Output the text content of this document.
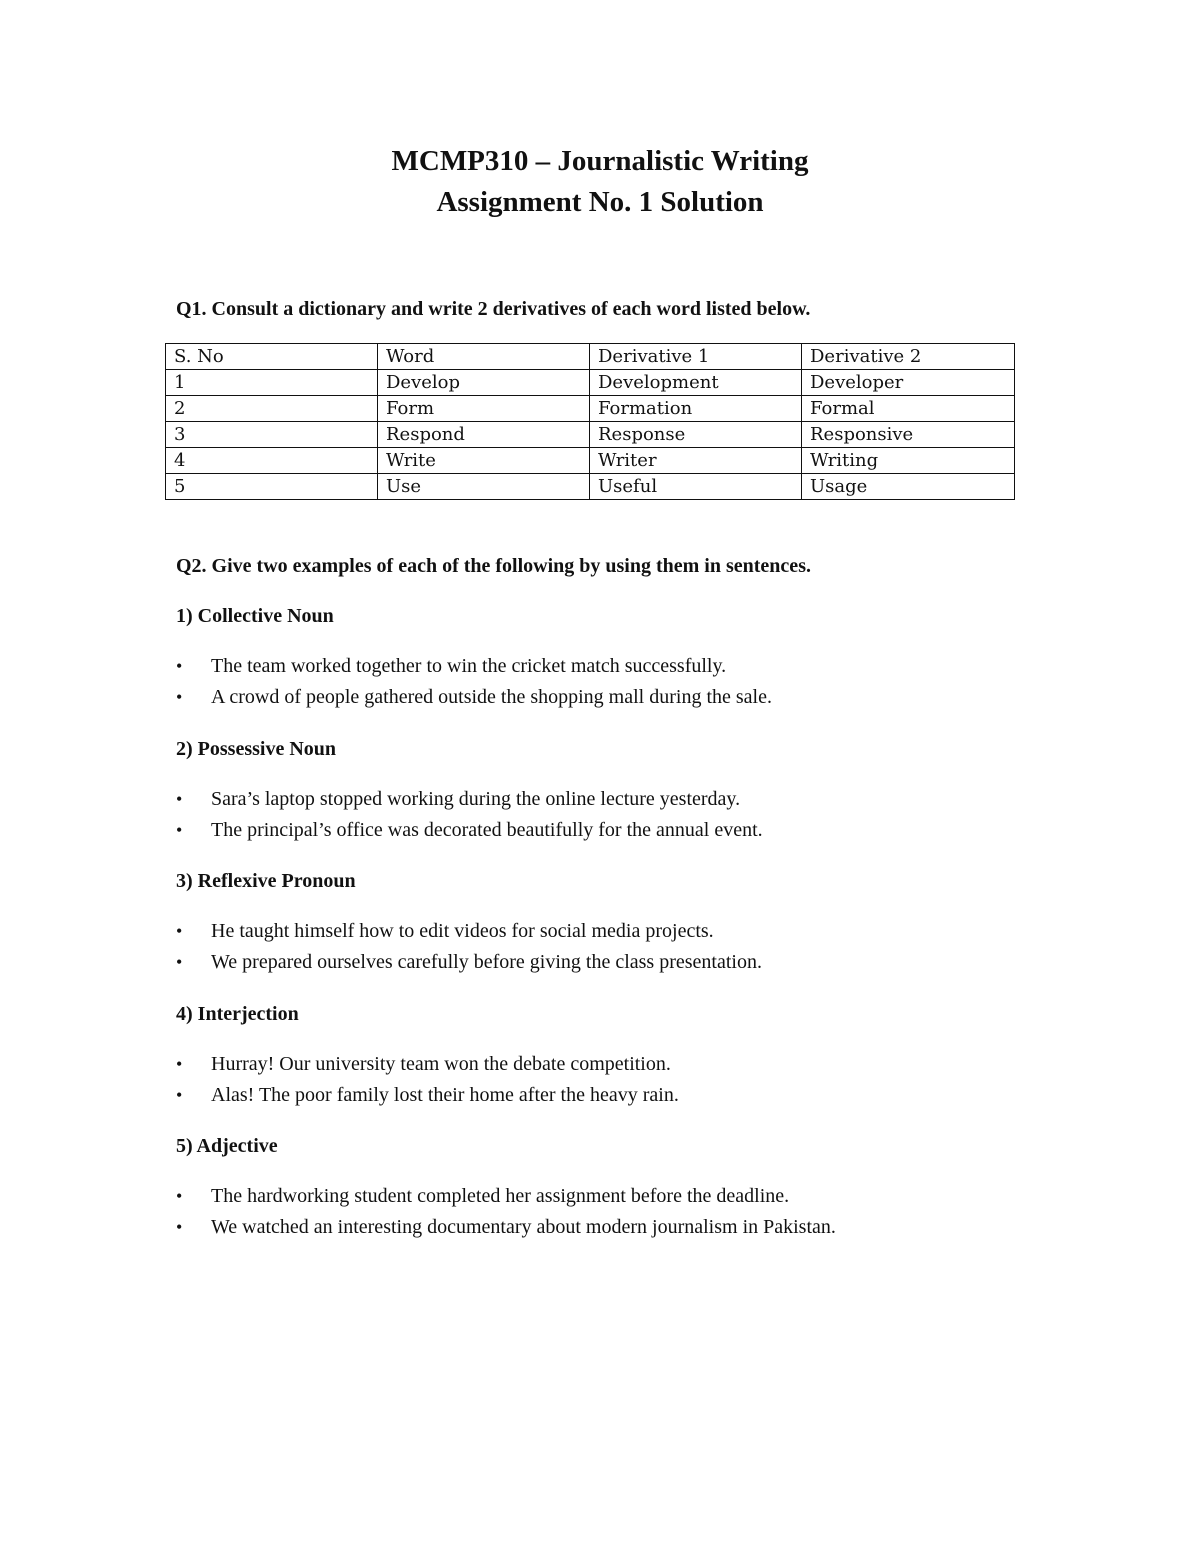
MCMP310 – Journalistic Writing
Assignment No. 1 Solution
Q1. Consult a dictionary and write 2 derivatives of each word listed below.
S. No	Word	Derivative 1	Derivative 2
1	Develop	Development	Developer
2	Form	Formation	Formal
3	Respond	Response	Responsive
4	Write	Writer	Writing
5	Use	Useful	Usage
Q2. Give two examples of each of the following by using them in sentences.
1) Collective Noun
•	The team worked together to win the cricket match successfully.
•	A crowd of people gathered outside the shopping mall during the sale.
2) Possessive Noun
•	Sara’s laptop stopped working during the online lecture yesterday.
•	The principal’s office was decorated beautifully for the annual event.
3) Reflexive Pronoun
•	He taught himself how to edit videos for social media projects.
•	We prepared ourselves carefully before giving the class presentation.
4) Interjection
•	Hurray! Our university team won the debate competition.
•	Alas! The poor family lost their home after the heavy rain.
5) Adjective
•	The hardworking student completed her assignment before the deadline.
•	We watched an interesting documentary about modern journalism in Pakistan.
